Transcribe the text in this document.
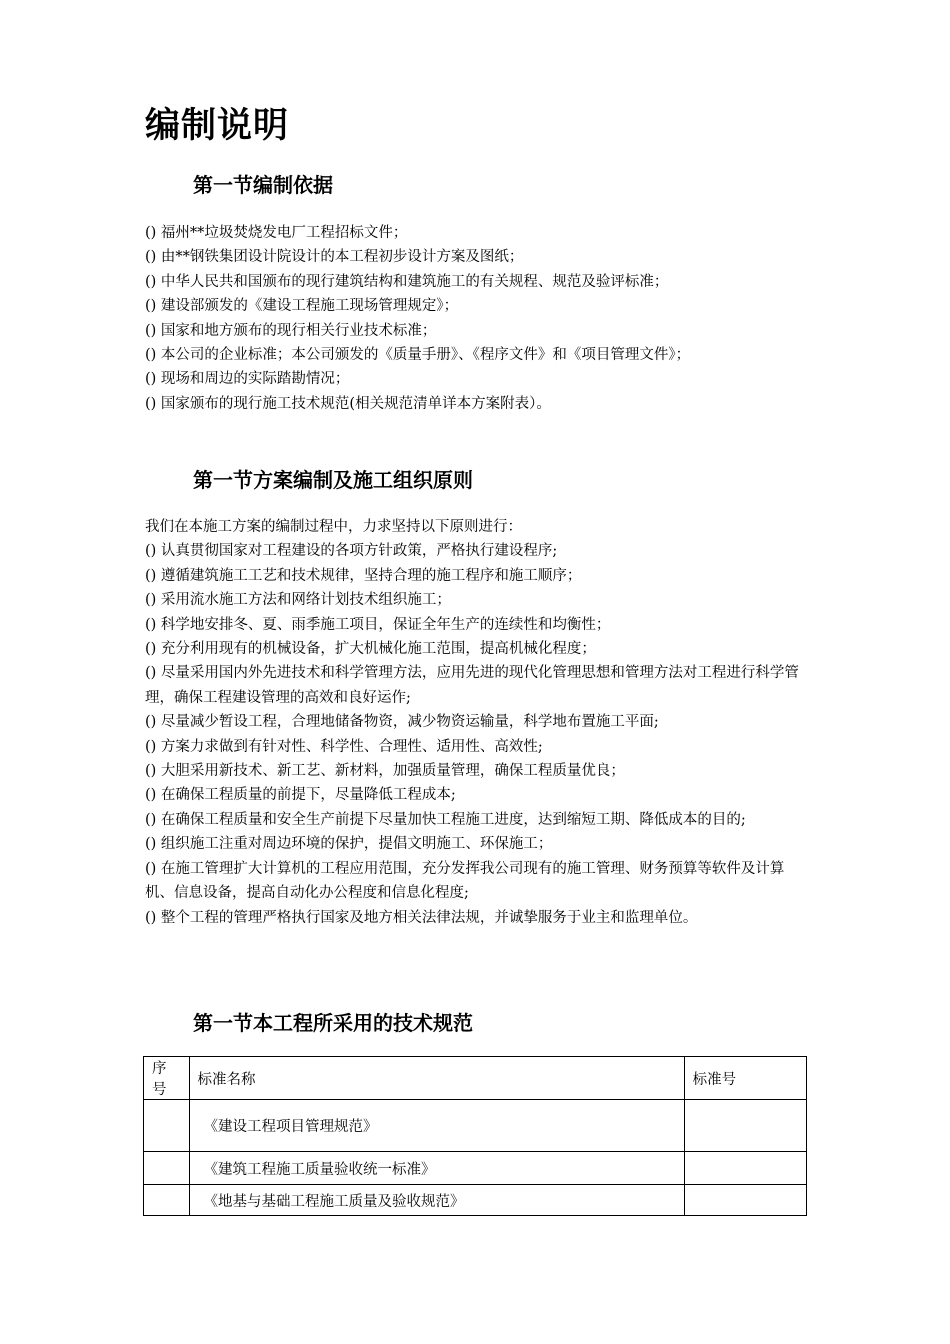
编制说明
第一节编制依据
() 福州**垃圾焚烧发电厂工程招标文件；
() 由**钢铁集团设计院设计的本工程初步设计方案及图纸；
() 中华人民共和国颁布的现行建筑结构和建筑施工的有关规程、规范及验评标准；
() 建设部颁发的《建设工程施工现场管理规定》；
() 国家和地方颁布的现行相关行业技术标准；
() 本公司的企业标准；本公司颁发的《质量手册》、《程序文件》和《项目管理文件》；
() 现场和周边的实际踏勘情况；
() 国家颁布的现行施工技术规范(相关规范清单详本方案附表）。
第一节方案编制及施工组织原则
我们在本施工方案的编制过程中，力求坚持以下原则进行：
() 认真贯彻国家对工程建设的各项方针政策，严格执行建设程序;
() 遵循建筑施工工艺和技术规律，坚持合理的施工程序和施工顺序；
() 采用流水施工方法和网络计划技术组织施工；
() 科学地安排冬、夏、雨季施工项目，保证全年生产的连续性和均衡性；
() 充分利用现有的机械设备，扩大机械化施工范围，提高机械化程度；
() 尽量采用国内外先进技术和科学管理方法，应用先进的现代化管理思想和管理方法对工程进行科学管理，确保工程建设管理的高效和良好运作;
() 尽量减少暂设工程，合理地储备物资，减少物资运输量，科学地布置施工平面;
() 方案力求做到有针对性、科学性、合理性、适用性、高效性;
() 大胆采用新技术、新工艺、新材料，加强质量管理，确保工程质量优良；
() 在确保工程质量的前提下，尽量降低工程成本;
() 在确保工程质量和安全生产前提下尽量加快工程施工进度，达到缩短工期、降低成本的目的;
() 组织施工注重对周边环境的保护，提倡文明施工、环保施工；
() 在施工管理扩大计算机的工程应用范围，充分发挥我公司现有的施工管理、财务预算等软件及计算机、信息设备，提高自动化办公程度和信息化程度;
() 整个工程的管理严格执行国家及地方相关法律法规，并诚挚服务于业主和监理单位。
第一节本工程所采用的技术规范
序号	标准名称	标准号
	《建设工程项目管理规范》	
	《建筑工程施工质量验收统一标准》	
	《地基与基础工程施工质量及验收规范》	
